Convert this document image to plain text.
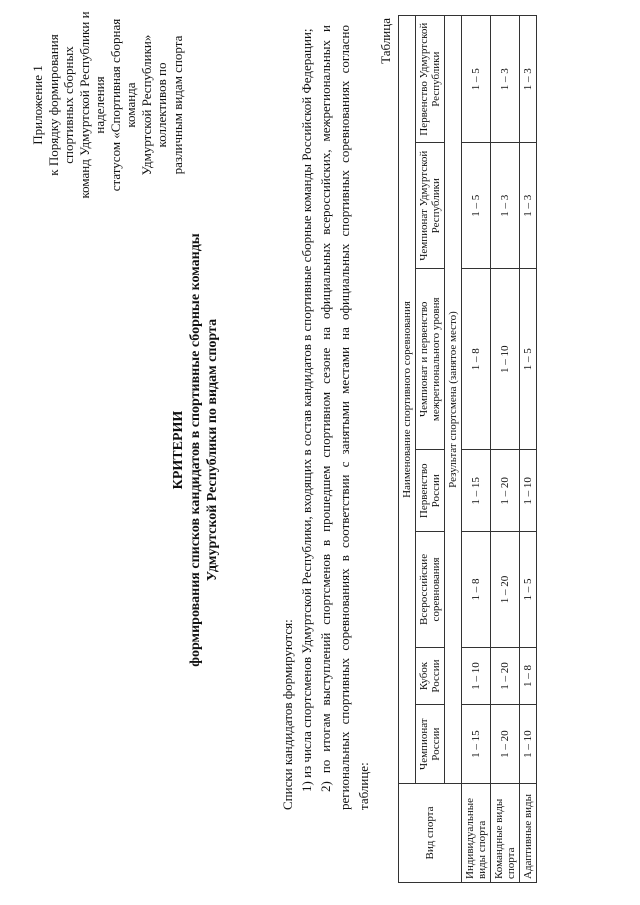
Приложение 1 к Порядку формирования спортивных сборных команд Удмуртской Республики и наделения статусом «Спортивная сборная команда Удмуртской Республики» коллективов по различным видам спорта
КРИТЕРИИ формирования списков кандидатов в спортивные сборные команды Удмуртской Республики по видам спорта

Списки кандидатов формируются: 1) из числа спортсменов Удмуртской Республики, входящих в состав кандидатов в спортивные сборные команды Российской Федерации; 2) по итогам выступлений спортсменов в прошедшем спортивном сезоне на официальных всероссийских, межрегиональных и региональных спортивных соревнованиях в соответствии с занятыми местами на официальных спортивных соревнованиях согласно таблице:

Таблица
Вид спорта	Наименование спортивного соревнования						
	Чемпионат России	Кубок России	Всероссийские соревнования	Первенство России	Чемпионат и первенство межрегионального уровня	Чемпионат Удмуртской Республики	Первенство Удмуртской Республики
	Результат спортсмена (занятое место)						
Индивидуальные виды спорта	1 – 15	1 – 10	1 – 8	1 – 15	1 – 8	1 – 5	1 – 5
Командные виды спорта	1 – 20	1 – 20	1 – 20	1 – 20	1 – 10	1 – 3	1 – 3
Адаптивные виды	1 – 10	1 – 8	1 – 5	1 – 10	1 – 5	1 – 3	1 – 3
